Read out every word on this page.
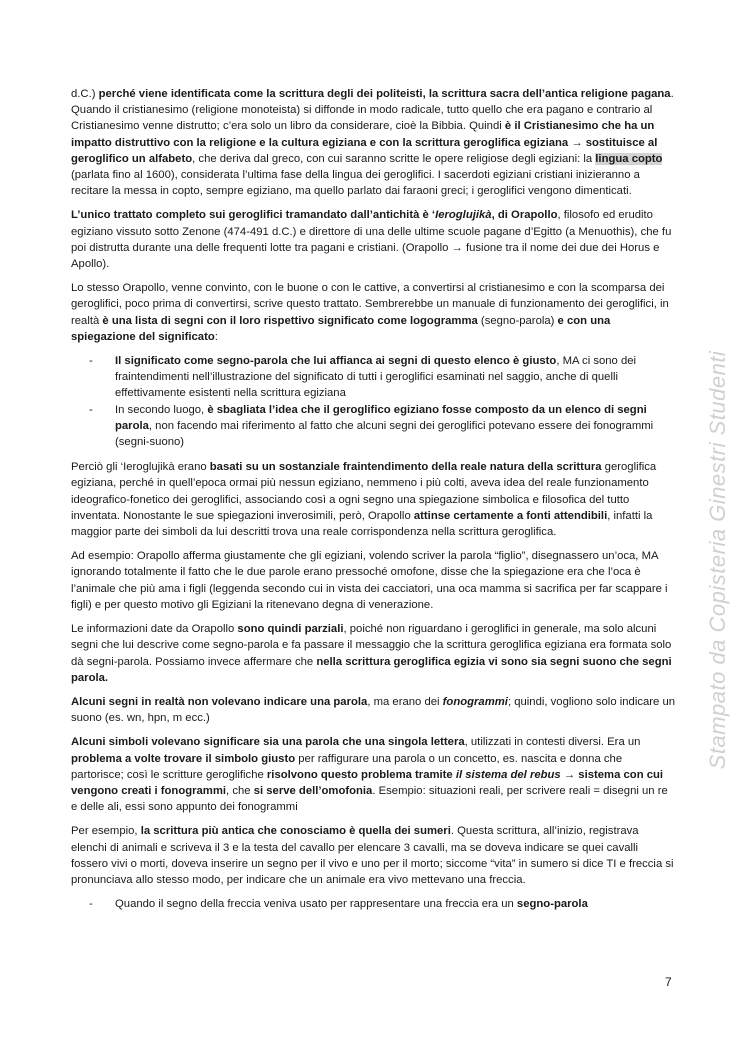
d.C.) perché viene identificata come la scrittura degli dei politeisti, la scrittura sacra dell’antica religione pagana. Quando il cristianesimo (religione monoteista) si diffonde in modo radicale, tutto quello che era pagano e contrario al Cristianesimo venne distrutto; c’era solo un libro da considerare, cioè la Bibbia. Quindi è il Cristianesimo che ha un impatto distruttivo con la religione e la cultura egiziana e con la scrittura geroglifica egiziana → sostituisce al geroglifico un alfabeto, che deriva dal greco, con cui saranno scritte le opere religiose degli egiziani: la lingua copto (parlata fino al 1600), considerata l’ultima fase della lingua dei geroglifici. I sacerdoti egiziani cristiani inizieranno a recitare la messa in copto, sempre egiziano, ma quello parlato dai faraoni greci; i geroglifici vengono dimenticati.

L’unico trattato completo sui geroglifici tramandato dall’antichità è ‘Ieroglujikà, di Orapollo, filosofo ed erudito egiziano vissuto sotto Zenone (474-491 d.C.) e direttore di una delle ultime scuole pagane d’Egitto (a Menuothis), che fu poi distrutta durante una delle frequenti lotte tra pagani e cristiani. (Orapollo → fusione tra il nome dei due dei Horus e Apollo).

Lo stesso Orapollo, venne convinto, con le buone o con le cattive, a convertirsi al cristianesimo e con la scomparsa dei geroglifici, poco prima di convertirsi, scrive questo trattato. Sembrerebbe un manuale di funzionamento dei geroglifici, in realtà è una lista di segni con il loro rispettivo significato come logogramma (segno-parola) e con una spiegazione del significato:

- Il significato come segno-parola che lui affianca ai segni di questo elenco è giusto, MA ci sono dei fraintendimenti nell’illustrazione del significato di tutti i geroglifici esaminati nel saggio, anche di quelli effettivamente esistenti nella scrittura egiziana
- In secondo luogo, è sbagliata l’idea che il geroglifico egiziano fosse composto da un elenco di segni parola, non facendo mai riferimento al fatto che alcuni segni dei geroglifici potevano essere dei fonogrammi (segni-suono)

Perciò gli ‘Ieroglujikà erano basati su un sostanziale fraintendimento della reale natura della scrittura geroglifica egiziana, perché in quell’epoca ormai più nessun egiziano, nemmeno i più colti, aveva idea del reale funzionamento ideografico-fonetico dei geroglifici, associando così a ogni segno una spiegazione simbolica e filosofica del tutto inventata. Nonostante le sue spiegazioni inverosimili, però, Orapollo attinse certamente a fonti attendibili, infatti la maggior parte dei simboli da lui descritti trova una reale corrispondenza nella scrittura geroglifica.

Ad esempio: Orapollo afferma giustamente che gli egiziani, volendo scriver la parola “figlio”, disegnassero un’oca, MA ignorando totalmente il fatto che le due parole erano pressoché omofone, disse che la spiegazione era che l’oca è l’animale che più ama i figli (leggenda secondo cui in vista dei cacciatori, una oca mamma si sacrifica per far scappare i figli) e per questo motivo gli Egiziani la ritenevano degna di venerazione.

Le informazioni date da Orapollo sono quindi parziali, poiché non riguardano i geroglifici in generale, ma solo alcuni segni che lui descrive come segno-parola e fa passare il messaggio che la scrittura geroglifica egiziana era formata solo dà segni-parola. Possiamo invece affermare che nella scrittura geroglifica egizia vi sono sia segni suono che segni parola.

Alcuni segni in realtà non volevano indicare una parola, ma erano dei fonogrammi; quindi, vogliono solo indicare un suono (es. wn, hpn, m ecc.)

Alcuni simboli volevano significare sia una parola che una singola lettera, utilizzati in contesti diversi. Era un problema a volte trovare il simbolo giusto per raffigurare una parola o un concetto, es. nascita e donna che partorisce; così le scritture geroglifiche risolvono questo problema tramite il sistema del rebus → sistema con cui vengono creati i fonogrammi, che si serve dell’omofonia. Esempio: situazioni reali, per scrivere reali = disegni un re e delle ali, essi sono appunto dei fonogrammi

Per esempio, la scrittura più antica che conosciamo è quella dei sumeri. Questa scrittura, all’inizio, registrava elenchi di animali e scriveva il 3 e la testa del cavallo per elencare 3 cavalli, ma se doveva indicare se quei cavalli fossero vivi o morti, doveva inserire un segno per il vivo e uno per il morto; siccome “vita” in sumero si dice TI e freccia si pronunciava allo stesso modo, per indicare che un animale era vivo mettevano una freccia.

- Quando il segno della freccia veniva usato per rappresentare una freccia era un segno-parola
7
Stampato da Copisteria Ginestri Studenti
